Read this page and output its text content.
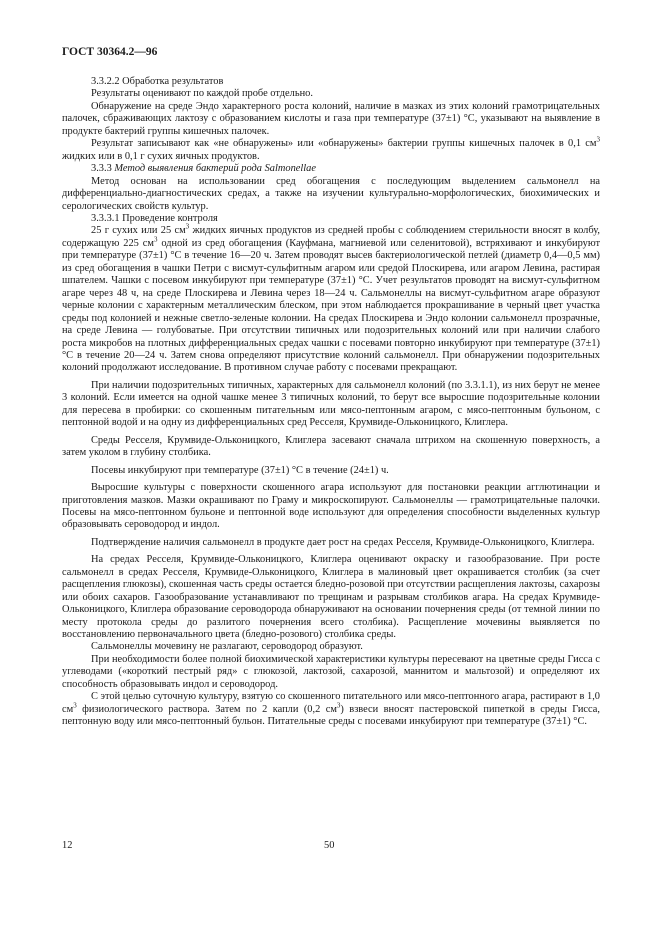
ГОСТ 30364.2—96

3.3.2.2 Обработка результатов

Результаты оценивают по каждой пробе отдельно.

Обнаружение на среде Эндо характерного роста колоний, наличие в мазках из этих колоний грамотрицательных палочек, сбраживающих лактозу с образованием кислоты и газа при температуре (37±1) °С, указывают на выявление в продукте бактерий группы кишечных палочек.

Результат записывают как «не обнаружены» или «обнаружены» бактерии группы кишечных палочек в 0,1 $см^3$ жидких или в 0,1 г сухих яичных продуктов.

3.3.3 Метод выявления бактерий рода Salmonellae

Метод основан на использовании сред обогащения с последующим выделением сальмонелл на дифференциально-диагностических средах, а также на изучении культурально-морфологических, биохимических и серологических свойств культур.

3.3.3.1 Проведение контроля

25 г сухих или 25 $см^3$ жидких яичных продуктов из средней пробы с соблюдением стерильности вносят в колбу, содержащую 225 $см^3$ одной из сред обогащения (Кауфмана, магниевой или селенитовой), встряхивают и инкубируют при температуре (37±1) °С в течение 16—20 ч. Затем проводят высев бактериологической петлей (диаметр 0,4—0,5 мм) из сред обогащения в чашки Петри с висмут-сульфитным агаром или средой Плоскирева, или агаром Левина, растирая шпателем. Чашки с посевом инкубируют при температуре (37±1) °С. Учет результатов проводят на висмут-сульфитном агаре через 48 ч, на среде Плоскирева и Левина через 18—24 ч. Сальмонеллы на висмут-сульфитном агаре образуют черные колонии с характерным металлическим блеском, при этом наблюдается прокрашивание в черный цвет участка среды под колонией и нежные светло-зеленые колонии. На средах Плоскирева и Эндо колонии сальмонелл прозрачные, на среде Левина — голубоватые. При отсутствии типичных или подозрительных колоний или при наличии слабого роста микробов на плотных дифференциальных средах чашки с посевами повторно инкубируют при температуре (37±1) °С в течение 20—24 ч. Затем снова определяют присутствие колоний сальмонелл. При обнаружении подозрительных колоний продолжают исследование. В противном случае работу с посевами прекращают.

При наличии подозрительных типичных, характерных для сальмонелл колоний (по 3.3.1.1), из них берут не менее 3 колоний. Если имеется на одной чашке менее 3 типичных колоний, то берут все выросшие подозрительные колонии для пересева в пробирки: со скошенным питательным или мясо-пептонным агаром, с мясо-пептонным бульоном, с пептонной водой и на одну из дифференциальных сред Ресселя, Крумвиде-Ольконицкого, Клиглера.

Среды Ресселя, Крумвиде-Ольконицкого, Клиглера засевают сначала штрихом на скошенную поверхность, а затем уколом в глубину столбика.

Посевы инкубируют при температуре (37±1) °С в течение (24±1) ч.

Выросшие культуры с поверхности скошенного агара используют для постановки реакции агглютинации и приготовления мазков. Мазки окрашивают по Граму и микроскопируют. Сальмонеллы — грамотрицательные палочки. Посевы на мясо-пептонном бульоне и пептонной воде используют для определения способности выделенных культур образовывать сероводород и индол.

Подтверждение наличия сальмонелл в продукте дает рост на средах Ресселя, Крумвиде-Ольконицкого, Клиглера.

На средах Ресселя, Крумвиде-Ольконицкого, Клиглера оценивают окраску и газообразование. При росте сальмонелл в средах Ресселя, Крумвиде-Ольконицкого, Клиглера в малиновый цвет окрашивается столбик (за счет расщепления глюкозы), скошенная часть среды остается бледно-розовой при отсутствии расщепления лактозы, сахарозы или обоих сахаров. Газообразование устанавливают по трещинам и разрывам столбиков агара. На средах Крумвиде-Ольконицкого, Клиглера образование сероводорода обнаруживают на основании почернения среды (от темной линии по месту протокола среды до разлитого почернения всего столбика). Расщепление мочевины выявляется по восстановлению первоначального цвета (бледно-розового) столбика среды.

Сальмонеллы мочевину не разлагают, сероводород образуют.

При необходимости более полной биохимической характеристики культуры пересевают на цветные среды Гисса с углеводами («короткий пестрый ряд» с глюкозой, лактозой, сахарозой, маннитом и мальтозой) и определяют их способность образовывать индол и сероводород.

С этой целью суточную культуру, взятую со скошенного питательного или мясо-пептонного агара, растирают в 1,0 $см^3$ физиологического раствора. Затем по 2 капли (0,2 $см^3$) взвеси вносят пастеровской пипеткой в среды Гисса, пептонную воду или мясо-пептонный бульон. Питательные среды с посевами инкубируют при температуре (37±1) °С.

12	50
